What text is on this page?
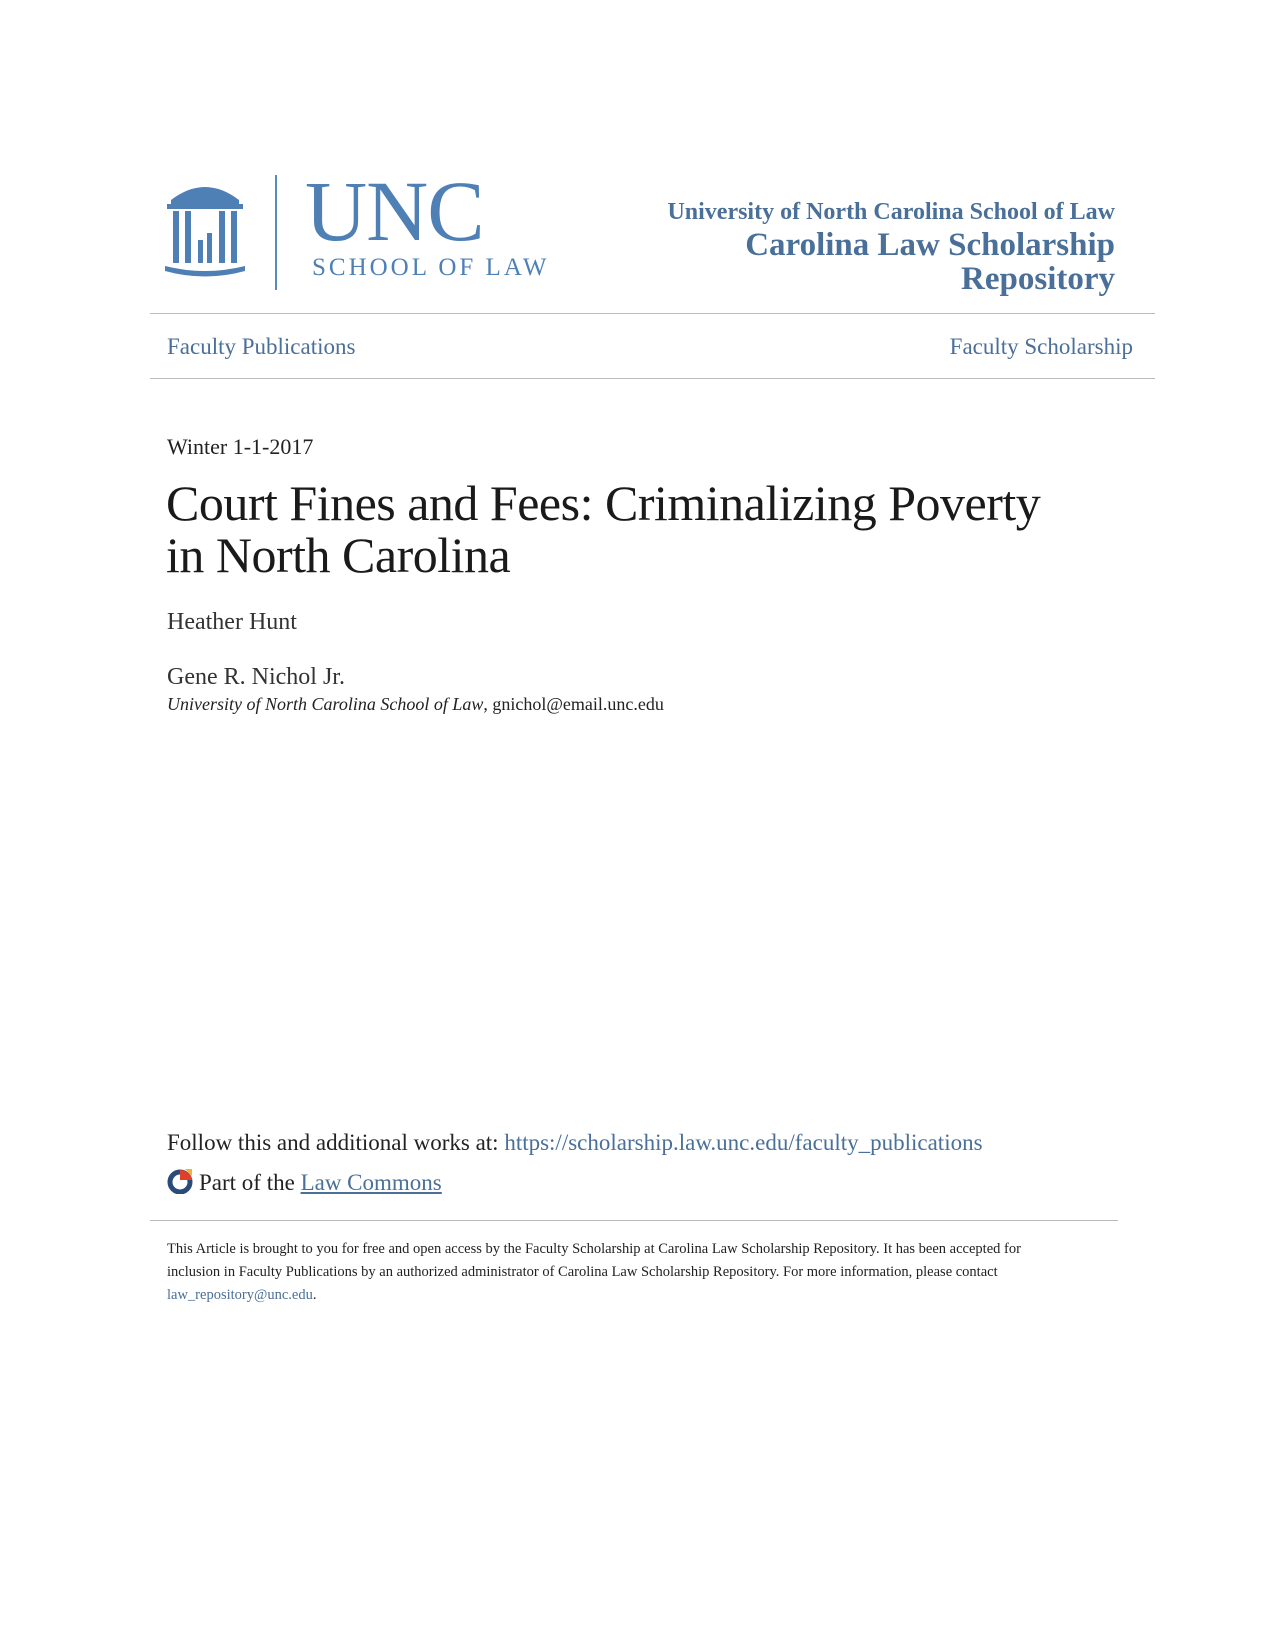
UNC
SCHOOL OF LAW
University of North Carolina School of Law
Carolina Law Scholarship Repository
Faculty Publications	Faculty Scholarship
Winter 1-1-2017
Court Fines and Fees: Criminalizing Poverty in North Carolina
Heather Hunt
Gene R. Nichol Jr.
University of North Carolina School of Law, gnichol@email.unc.edu
Follow this and additional works at: https://scholarship.law.unc.edu/faculty_publications
Part of the Law Commons
This Article is brought to you for free and open access by the Faculty Scholarship at Carolina Law Scholarship Repository. It has been accepted for inclusion in Faculty Publications by an authorized administrator of Carolina Law Scholarship Repository. For more information, please contact law_repository@unc.edu.
